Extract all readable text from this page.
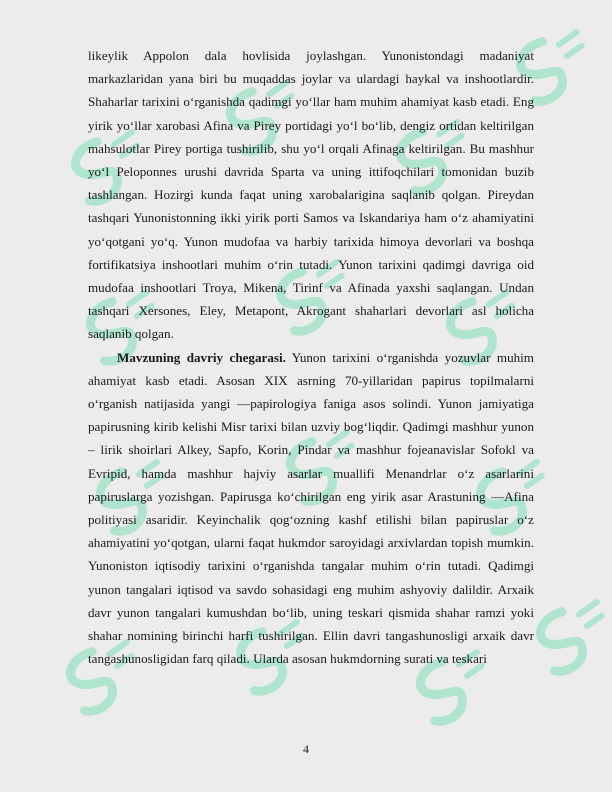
likeylik Appolon dala hovlisida joylashgan. Yunonistondagi madaniyat markazlaridan yana biri bu muqaddas joylar va ulardagi haykal va inshootlardir. Shaharlar tarixini o‘rganishda qadimgi yo‘llar ham muhim ahamiyat kasb etadi. Eng yirik yo‘llar xarobasi Afina va Pirey portidagi yo‘l bo‘lib, dengiz ortidan keltirilgan mahsulotlar Pirey portiga tushirilib, shu yo‘l orqali Afinaga keltirilgan. Bu mashhur yo‘l Peloponnes urushi davrida Sparta va uning ittifoqchilari tomonidan buzib tashlangan. Hozirgi kunda faqat uning xarobalarigina saqlanib qolgan. Pireydan tashqari Yunonistonning ikki yirik porti Samos va Iskandariya ham o‘z ahamiyatini yo‘qotgani yo‘q. Yunon mudofaa va harbiy tarixida himoya devorlari va boshqa fortifikatsiya inshootlari muhim o‘rin tutadi. Yunon tarixini qadimgi davriga oid mudofaa inshootlari Troya, Mikena, Tirinf va Afinada yaxshi saqlangan. Undan tashqari Xersones, Eley, Metapont, Akrogant shaharlari devorlari asl holicha saqlanib qolgan.

Mavzuning davriy chegarasi. Yunon tarixini o‘rganishda yozuvlar muhim ahamiyat kasb etadi. Asosan XIX asrning 70-yillaridan papirus topilmalarni o‘rganish natijasida yangi ―papirologiya fanіga asos solindi. Yunon jamiyatiga papirusning kirib kelishi Misr tarixi bilan uzviy bog‘liqdir. Qadimgi mashhur yunon – lirik shoirlari Alkey, Sapfo, Korin, Pindar va mashhur fojeanavislar Sofokl va Evripid, hamda mashhur hajviy asarlar muallifi Menandrlar o‘z asarlarini papiruslarga yozishgan. Papirusga ko‘chirilgan eng yirik asar Arastuning ―Afina politiyasi asaridir. Keyinchalik qog‘ozning kashf etilishi bilan papiruslar o‘z ahamiyatini yo‘qotgan, ularni faqat hukmdor saroyidagi arxivlardan topish mumkin. Yunoniston iqtisodiy tarixini o‘rganishda tangalar muhim o‘rin tutadi. Qadimgi yunon tangalari iqtisod va savdo sohasidagi eng muhim ashyoviy dalildir. Arxaik davr yunon tangalari kumushdan bo‘lib, uning teskari qismida shahar ramzi yoki shahar nomining birinchi harfi tushirilgan. Ellin davri tangashunosligi arxaik davr tangashunosligidan farq qiladi. Ularda asosan hukmdorning surati va teskari

4
